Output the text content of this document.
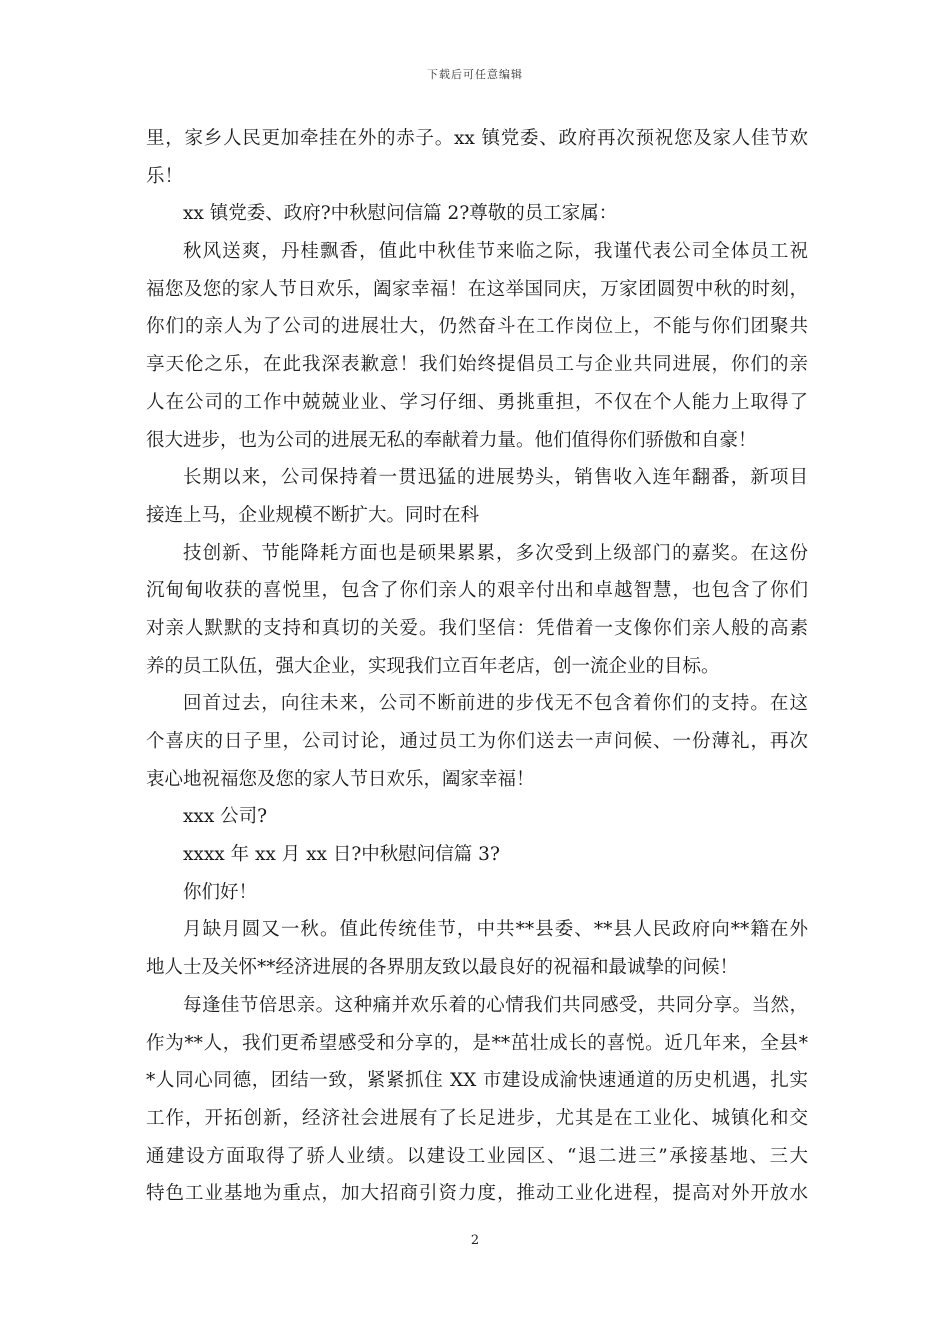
下载后可任意编辑
里，家乡人民更加牵挂在外的赤子。xx 镇党委、政府再次预祝您及家人佳节欢
乐！
xx 镇党委、政府?中秋慰问信篇 2?尊敬的员工家属：
秋风送爽，丹桂飘香，值此中秋佳节来临之际，我谨代表公司全体员工祝
福您及您的家人节日欢乐，阖家幸福！在这举国同庆，万家团圆贺中秋的时刻，
你们的亲人为了公司的进展壮大，仍然奋斗在工作岗位上，不能与你们团聚共
享天伦之乐，在此我深表歉意！我们始终提倡员工与企业共同进展，你们的亲
人在公司的工作中兢兢业业、学习仔细、勇挑重担，不仅在个人能力上取得了
很大进步，也为公司的进展无私的奉献着力量。他们值得你们骄傲和自豪！
长期以来，公司保持着一贯迅猛的进展势头，销售收入连年翻番，新项目
接连上马，企业规模不断扩大。同时在科
技创新、节能降耗方面也是硕果累累，多次受到上级部门的嘉奖。在这份
沉甸甸收获的喜悦里，包含了你们亲人的艰辛付出和卓越智慧，也包含了你们
对亲人默默的支持和真切的关爱。我们坚信：凭借着一支像你们亲人般的高素
养的员工队伍，强大企业，实现我们立百年老店，创一流企业的目标。
回首过去，向往未来，公司不断前进的步伐无不包含着你们的支持。在这
个喜庆的日子里，公司讨论，通过员工为你们送去一声问候、一份薄礼，再次
衷心地祝福您及您的家人节日欢乐，阖家幸福！
xxx 公司?
xxxx 年 xx 月 xx 日?中秋慰问信篇 3?
你们好！
月缺月圆又一秋。值此传统佳节，中共**县委、**县人民政府向**籍在外
地人士及关怀**经济进展的各界朋友致以最良好的祝福和最诚挚的问候！
每逢佳节倍思亲。这种痛并欢乐着的心情我们共同感受，共同分享。当然，
作为**人，我们更希望感受和分享的，是**茁壮成长的喜悦。近几年来，全县*
*人同心同德，团结一致，紧紧抓住 XX 市建设成渝快速通道的历史机遇，扎实
工作，开拓创新，经济社会进展有了长足进步，尤其是在工业化、城镇化和交
通建设方面取得了骄人业绩。以建设工业园区、“退二进三”承接基地、三大
特色工业基地为重点，加大招商引资力度，推动工业化进程，提高对外开放水
2
